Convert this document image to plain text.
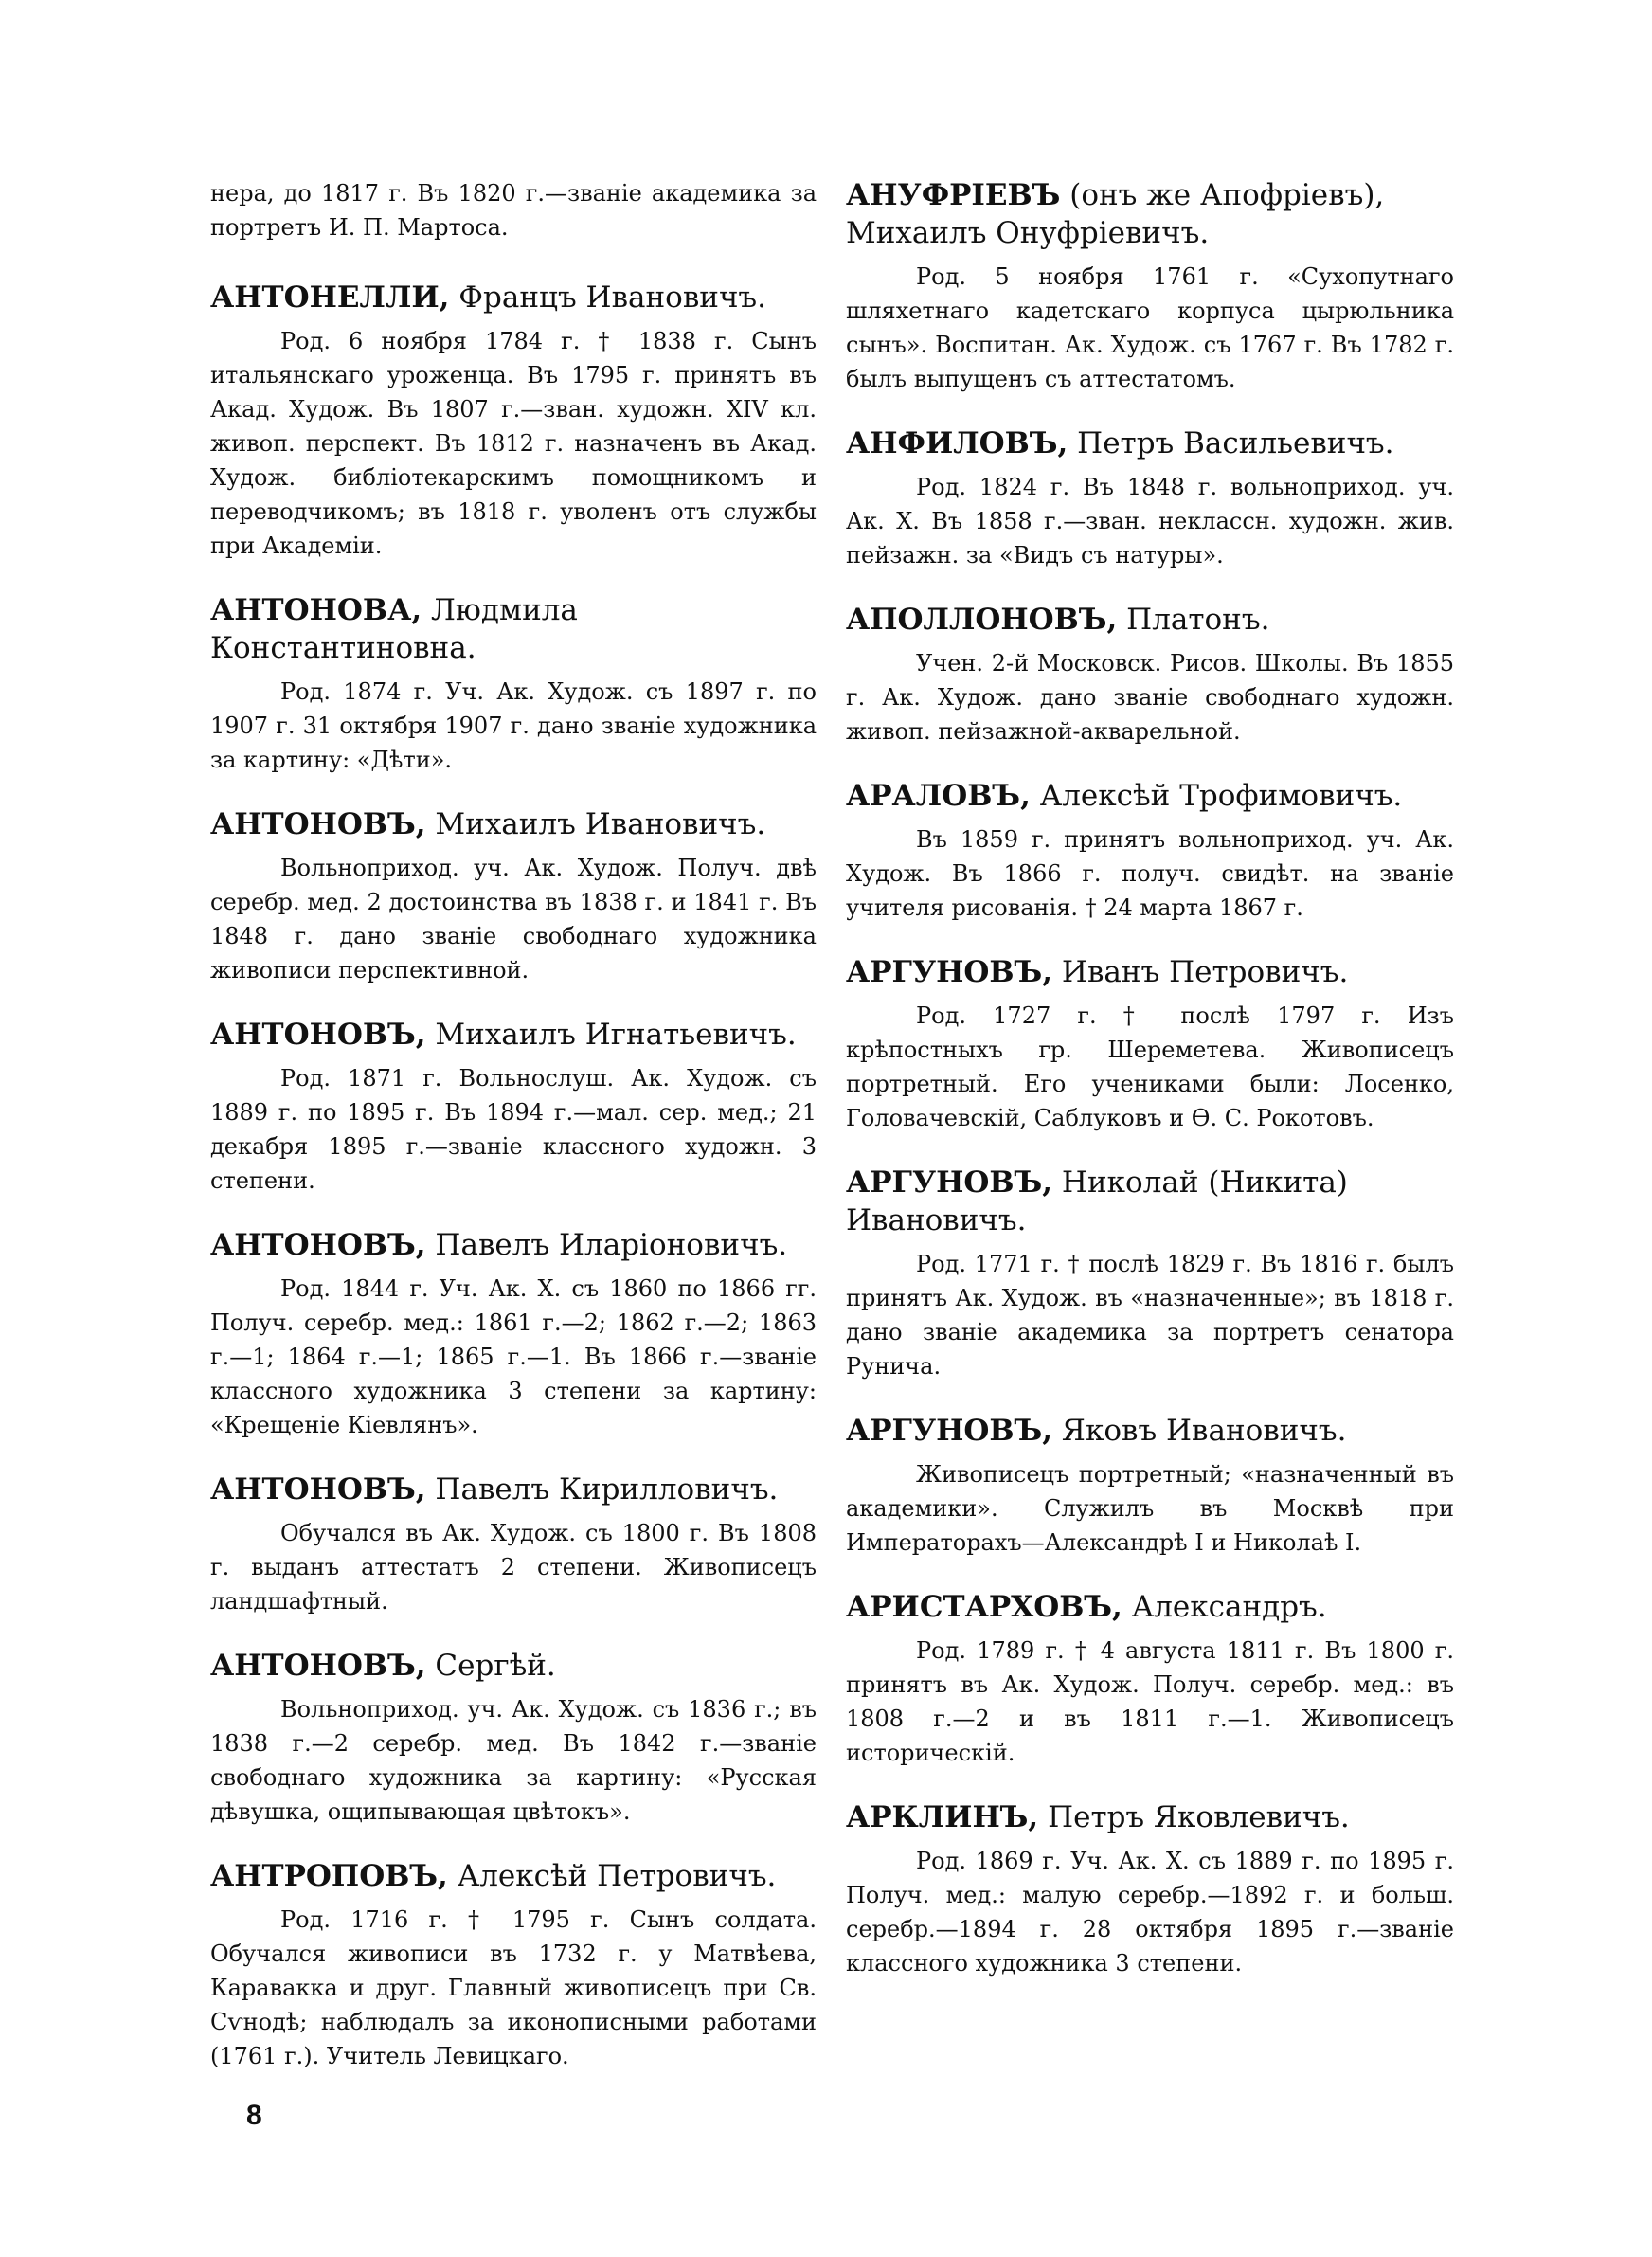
нера, до 1817 г. Въ 1820 г.—званіе академика за портретъ И. П. Мартоса.

АНТОНЕЛЛИ, Францъ Ивановичъ.

Род. 6 ноября 1784 г. † 1838 г. Сынъ итальянскаго уроженца. Въ 1795 г. принятъ въ Акад. Худож. Въ 1807 г.—зван. художн. XIV кл. живоп. перспект. Въ 1812 г. назначенъ въ Акад. Худож. библіотекарскимъ помощникомъ и переводчикомъ; въ 1818 г. уволенъ отъ службы при Академіи.

АНТОНОВА, Людмила Константиновна.

Род. 1874 г. Уч. Ак. Худож. съ 1897 г. по 1907 г. 31 октября 1907 г. дано званіе художника за картину: «Дѣти».

АНТОНОВЪ, Михаилъ Ивановичъ.

Вольноприход. уч. Ак. Худож. Получ. двѣ серебр. мед. 2 достоинства въ 1838 г. и 1841 г. Въ 1848 г. дано званіе свободнаго художника живописи перспективной.

АНТОНОВЪ, Михаилъ Игнатьевичъ.

Род. 1871 г. Вольнослуш. Ак. Худож. съ 1889 г. по 1895 г. Въ 1894 г.—мал. сер. мед.; 21 декабря 1895 г.—званіе классного художн. 3 степени.

АНТОНОВЪ, Павелъ Иларіоновичъ.

Род. 1844 г. Уч. Ак. Х. съ 1860 по 1866 гг. Получ. серебр. мед.: 1861 г.—2; 1862 г.—2; 1863 г.—1; 1864 г.—1; 1865 г.—1. Въ 1866 г.—званіе классного художника 3 степени за картину: «Крещеніе Кіевлянъ».

АНТОНОВЪ, Павелъ Кирилловичъ.

Обучался въ Ак. Худож. съ 1800 г. Въ 1808 г. выданъ аттестатъ 2 степени. Живописецъ ландшафтный.

АНТОНОВЪ, Сергѣй.

Вольноприход. уч. Ак. Худож. съ 1836 г.; въ 1838 г.—2 серебр. мед. Въ 1842 г.—званіе свободнаго художника за картину: «Русская дѣвушка, ощипывающая цвѣтокъ».

АНТРОПОВЪ, Алексѣй Петровичъ.

Род. 1716 г. † 1795 г. Сынъ солдата. Обучался живописи въ 1732 г. у Матвѣева, Каравакка и друг. Главный живописецъ при Св. Сѵнодѣ; наблюдалъ за иконописными работами (1761 г.). Учитель Левицкаго.

АНУФРІЕВЪ (онъ же Апофріевъ), Михаилъ Онуфріевичъ.

Род. 5 ноября 1761 г. «Сухопутнаго шляхетнаго кадетскаго корпуса цырюльника сынъ». Воспитан. Ак. Худож. съ 1767 г. Въ 1782 г. былъ выпущенъ съ аттестатомъ.

АНФИЛОВЪ, Петръ Васильевичъ.

Род. 1824 г. Въ 1848 г. вольноприход. уч. Ак. Х. Въ 1858 г.—зван. неклассн. художн. жив. пейзажн. за «Видъ съ натуры».

АПОЛЛОНОВЪ, Платонъ.

Учен. 2-й Московск. Рисов. Школы. Въ 1855 г. Ак. Худож. дано званіе свободнаго художн. живоп. пейзажной-акварельной.

АРАЛОВЪ, Алексѣй Трофимовичъ.

Въ 1859 г. принятъ вольноприход. уч. Ак. Худож. Въ 1866 г. получ. свидѣт. на званіе учителя рисованія. † 24 марта 1867 г.

АРГУНОВЪ, Иванъ Петровичъ.

Род. 1727 г. † послѣ 1797 г. Изъ крѣпостныхъ гр. Шереметева. Живописецъ портретный. Его учениками были: Лосенко, Головачевскій, Саблуковъ и Ѳ. С. Рокотовъ.

АРГУНОВЪ, Николай (Никита) Ивановичъ.

Род. 1771 г. † послѣ 1829 г. Въ 1816 г. былъ принятъ Ак. Худож. въ «назначенные»; въ 1818 г. дано званіе академика за портретъ сенатора Рунича.

АРГУНОВЪ, Яковъ Ивановичъ.

Живописецъ портретный; «назначенный въ академики». Служилъ въ Москвѣ при Императорахъ—Александрѣ I и Николаѣ I.

АРИСТАРХОВЪ, Александръ.

Род. 1789 г. † 4 августа 1811 г. Въ 1800 г. принятъ въ Ак. Худож. Получ. серебр. мед.: въ 1808 г.—2 и въ 1811 г.—1. Живописецъ историческій.

АРКЛИНЪ, Петръ Яковлевичъ.

Род. 1869 г. Уч. Ак. Х. съ 1889 г. по 1895 г. Получ. мед.: малую серебр.—1892 г. и больш. серебр.—1894 г. 28 октября 1895 г.—званіе классного художника 3 степени.

8
